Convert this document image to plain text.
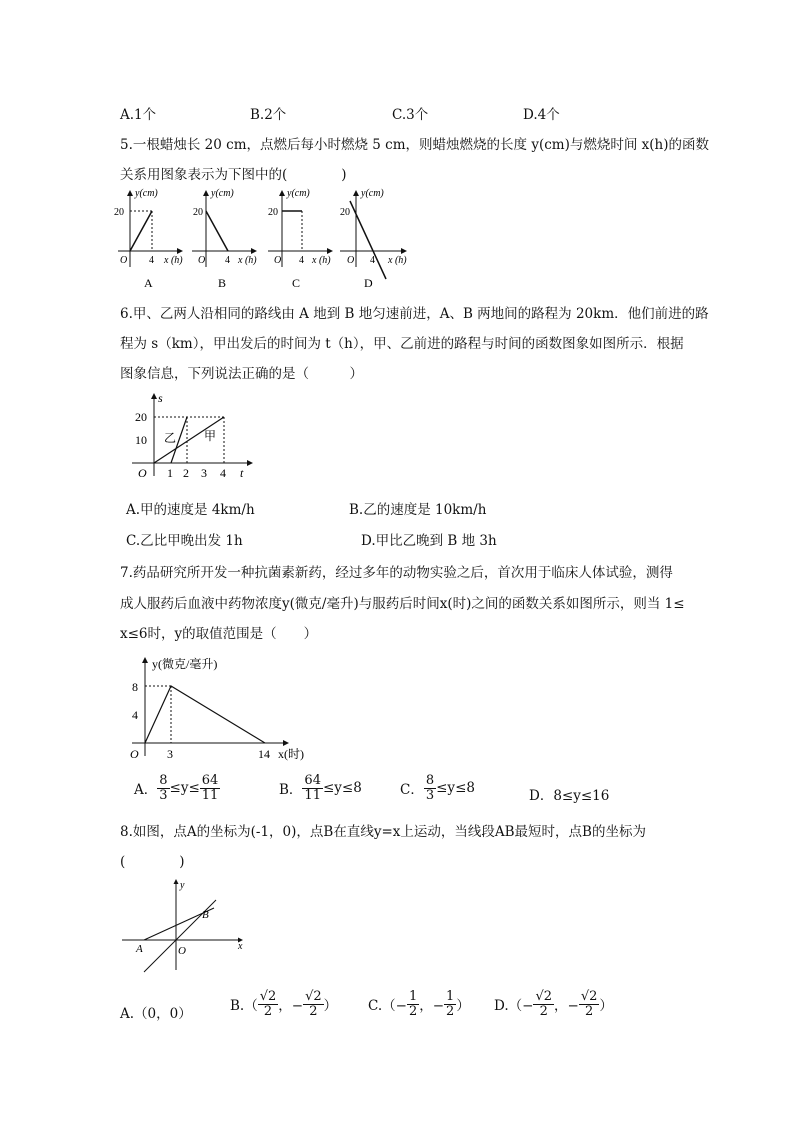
A.1个	B.2个	C.3个	D.4个
5.一根蜡烛长 20 cm，点燃后每小时燃烧 5 cm，则蜡烛燃烧的长度 y(cm)与燃烧时间 x(h)的函数
关系用图象表示为下图中的(　　　　)
y(cm)
20
O 4 x (h)
A
y(cm)
20
O 4 x (h)
B
y(cm)
20
O 4 x (h)
C
y(cm)
20
O 4 x (h)
D
6.甲、乙两人沿相同的路线由 A 地到 B 地匀速前进，A、B 两地间的路程为 20km．他们前进的路
程为 s（km），甲出发后的时间为 t（h），甲、乙前进的路程与时间的函数图象如图所示．根据
图象信息，下列说法正确的是（　　　）
s
20
10
O 1 2 3 4 t
乙 甲
A.甲的速度是 4km/h	B.乙的速度是 10km/h
C.乙比甲晚出发 1h	D.甲比乙晚到 B 地 3h
7.药品研究所开发一种抗菌素新药，经过多年的动物实验之后，首次用于临床人体试验，测得
成人服药后血液中药物浓度y(微克/毫升)与服药后时间x(时)之间的函数关系如图所示，则当 1≤
x≤6时，y的取值范围是（　　）
y(微克/毫升)
8
4
O 3	14 x(时)
A． $\frac{8}{3} \le y\le \frac{64}{11}$	B． $\frac{64}{11} \le y\le 8$	C． $\frac{8}{3} \le y\le 8$	D．8≤y≤16
8.如图，点A的坐标为(-1，0)，点B在直线y=x上运动，当线段AB最短时，点B的坐标为
(　　　　)
y
x
A
B
O
A.（0，0）	$B.( \frac{√2}{2}$ ，− $\frac{√2}{2}$ ） $C.(- \frac{1}{2}$ ，− $\frac{1}{2}$ ） $D.(- \frac{√2}{2}$ ，− $\frac{√2}{2}$ ）
